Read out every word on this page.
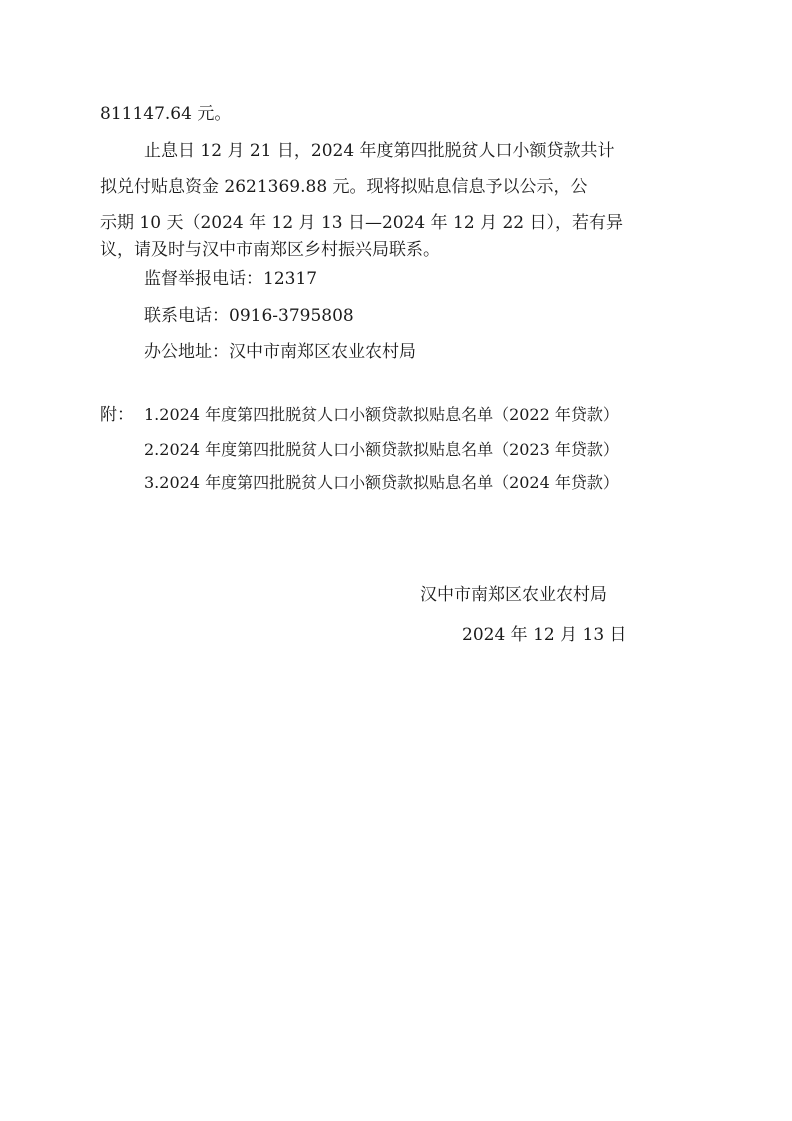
811147.64 元。
止息日 12 月 21 日，2024 年度第四批脱贫人口小额贷款共计
拟兑付贴息资金 2621369.88 元。现将拟贴息信息予以公示，公
示期 10 天（2024 年 12 月 13 日—2024 年 12 月 22 日），若有异
议，请及时与汉中市南郑区乡村振兴局联系。
监督举报电话：12317
联系电话：0916-3795808
办公地址：汉中市南郑区农业农村局
附： 1.2024 年度第四批脱贫人口小额贷款拟贴息名单（2022 年贷款）
2.2024 年度第四批脱贫人口小额贷款拟贴息名单（2023 年贷款）
3.2024 年度第四批脱贫人口小额贷款拟贴息名单（2024 年贷款）
汉中市南郑区农业农村局
2024 年 12 月 13 日
